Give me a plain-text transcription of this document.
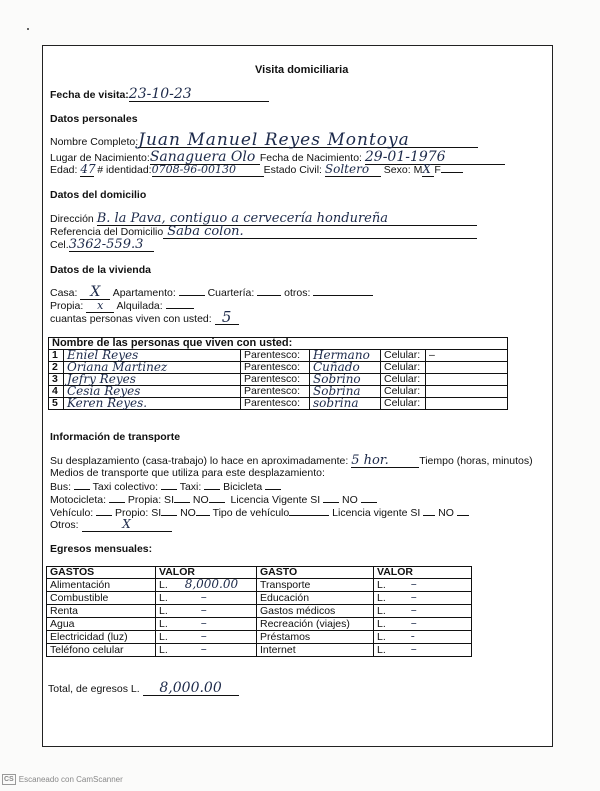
Visita domiciliaria
Fecha de visita:23-10-23
Datos personales
Nombre Completo:Juan Manuel Reyes Montoya
Lugar de Nacimiento:Sanaguera Olo Fecha de Nacimiento: 29-01-1976
Edad: 47 # identidad:0708-96-00130	Estado Civil: Soltero Sexo: MX F
Datos del domicilio
Dirección B. la Pava, contiguo a cervecería hondureña
Referencia del Domicilio Saba colon.
Cel.3362-559.3
Datos de la vivienda
Casa: X Apartamento:	Cuartería:	otros:
Propia: x Alquilada:
cuantas personas viven con usted: 5
Nombre de las personas que viven con usted:					
1	Eniel Reyes	Parentesco:	Hermano	Celular:	–
2	Oriana Martinez	Parentesco:	Cuñado	Celular:	
3	Jefry Reyes	Parentesco:	Sobrino	Celular:	
4	Cesia Reyes	Parentesco:	Sobrina	Celular:	
5	Keren Reyes.	Parentesco:	sobrina	Celular:	
Información de transporte
Su desplazamiento (casa-trabajo) lo hace en aproximadamente: 5 hor.	Tiempo (horas, minutos)
Medios de transporte que utiliza para este desplazamiento:
Bus: Taxi colectivo: Taxi: Bicicleta
Motocicleta: Propia: SI NO Licencia Vigente SI NO
Vehículo: Propio: SI NO Tipo de vehículo	Licencia vigente SI NO
Otros:	X
Egresos mensuales:
GASTOS	VALOR	GASTO	VALOR
Alimentación	L. 8,000.00	Transporte	L. –
Combustible	L. –	Educación	L. –
Renta	L. –	Gastos médicos	L. –
Agua	L. –	Recreación (viajes)	L. –
Electricidad (luz)	L. –	Préstamos	L. -
Teléfono celular	L. –	Internet	L. –
Total, de egresos L. 8,000.00
CS Escaneado con CamScanner
